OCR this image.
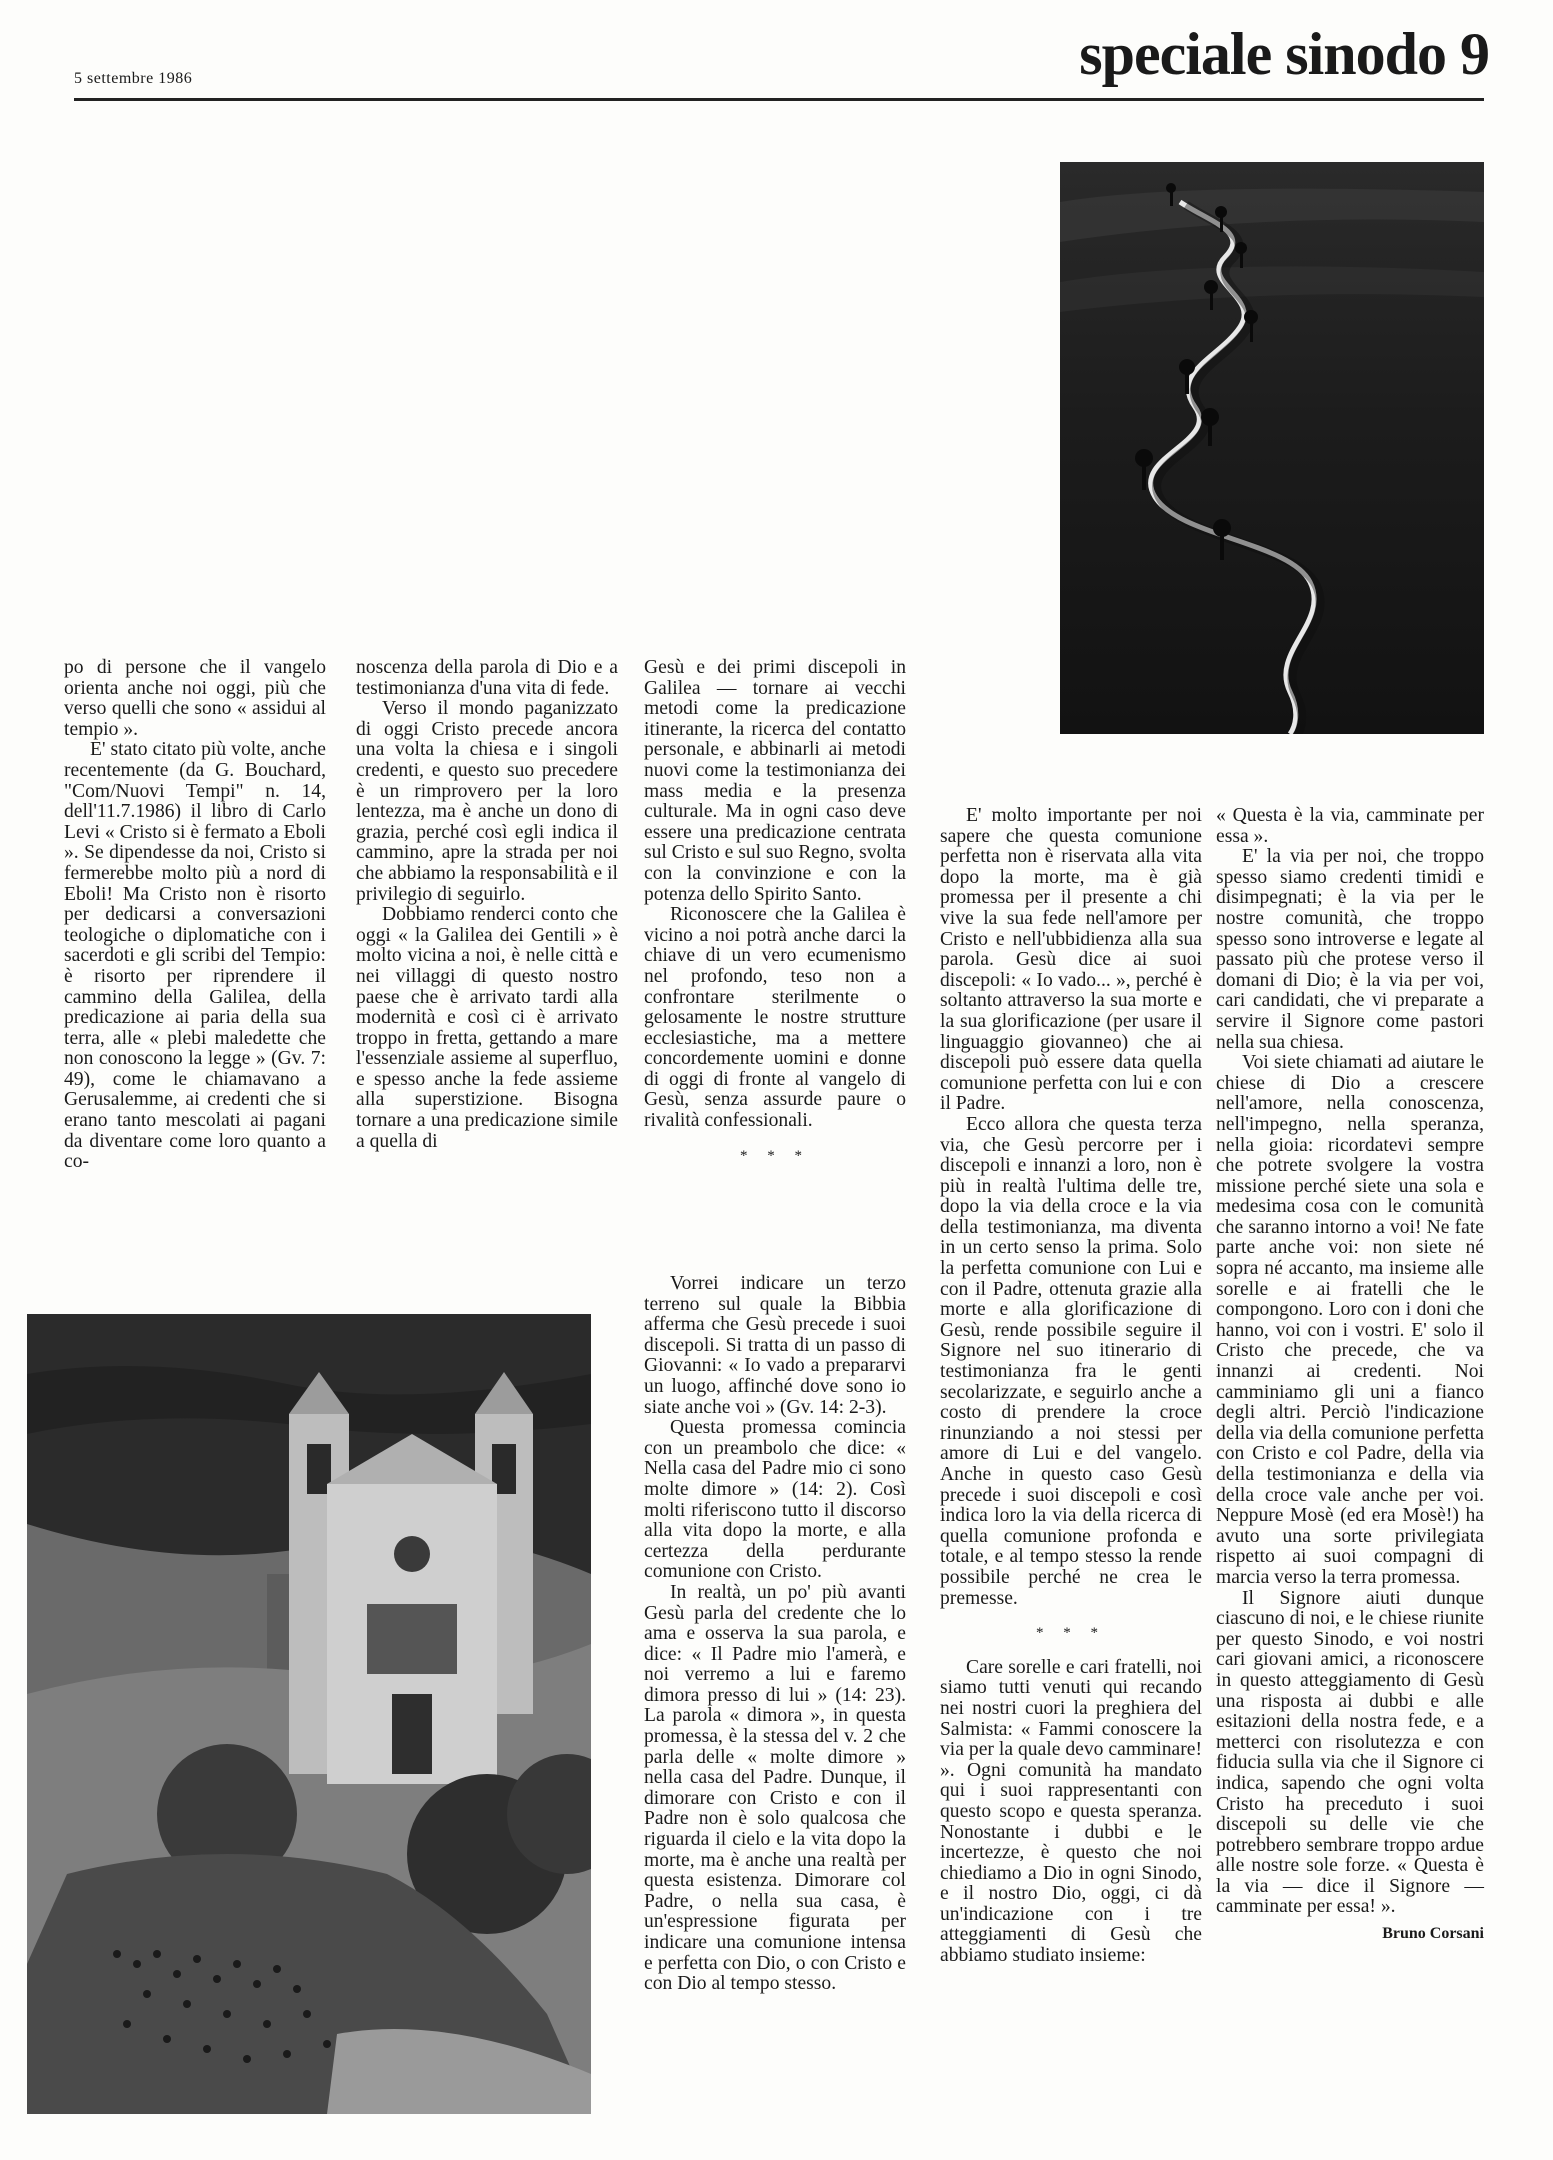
5 settembre 1986	speciale sinodo 9

po di persone che il vangelo orienta anche noi oggi, più che verso quelli che sono « assidui al tempio ».

E' stato citato più volte, anche recentemente (da G. Bouchard, "Com/Nuovi Tempi" n. 14, dell'11.7.1986) il libro di Carlo Levi « Cristo si è fermato a Eboli ». Se dipendesse da noi, Cristo si fermerebbe molto più a nord di Eboli! Ma Cristo non è risorto per dedicarsi a conversazioni teologiche o diplomatiche con i sacerdoti e gli scribi del Tempio: è risorto per riprendere il cammino della Galilea, della predicazione ai paria della sua terra, alle « plebi maledette che non conoscono la legge » (Gv. 7: 49), come le chiamavano a Gerusalemme, ai credenti che si erano tanto mescolati ai pagani da diventare come loro quanto a co-

noscenza della parola di Dio e a testimonianza d'una vita di fede.

Verso il mondo paganizzato di oggi Cristo precede ancora una volta la chiesa e i singoli credenti, e questo suo precedere è un rimprovero per la loro lentezza, ma è anche un dono di grazia, perché così egli indica il cammino, apre la strada per noi che abbiamo la responsabilità e il privilegio di seguirlo.

Dobbiamo renderci conto che oggi « la Galilea dei Gentili » è molto vicina a noi, è nelle città e nei villaggi di questo nostro paese che è arrivato tardi alla modernità e così ci è arrivato troppo in fretta, gettando a mare l'essenziale assieme al superfluo, e spesso anche la fede assieme alla superstizione. Bisogna tornare a una predicazione simile a quella di

Gesù e dei primi discepoli in Galilea — tornare ai vecchi metodi come la predicazione itinerante, la ricerca del contatto personale, e abbinarli ai metodi nuovi come la testimonianza dei mass media e la presenza culturale. Ma in ogni caso deve essere una predicazione centrata sul Cristo e sul suo Regno, svolta con la convinzione e con la potenza dello Spirito Santo.

Riconoscere che la Galilea è vicino a noi potrà anche darci la chiave di un vero ecumenismo nel profondo, teso non a confrontare sterilmente o gelosamente le nostre strutture ecclesiastiche, ma a mettere concordemente uomini e donne di oggi di fronte al vangelo di Gesù, senza assurde paure o rivalità confessionali.

* * *

Vorrei indicare un terzo terreno sul quale la Bibbia afferma che Gesù precede i suoi discepoli. Si tratta di un passo di Giovanni: « Io vado a prepararvi un luogo, affinché dove sono io siate anche voi » (Gv. 14: 2-3).

Questa promessa comincia con un preambolo che dice: « Nella casa del Padre mio ci sono molte dimore » (14: 2). Così molti riferiscono tutto il discorso alla vita dopo la morte, e alla certezza della perdurante comunione con Cristo.

In realtà, un po' più avanti Gesù parla del credente che lo ama e osserva la sua parola, e dice: « Il Padre mio l'amerà, e noi verremo a lui e faremo dimora presso di lui » (14: 23). La parola « dimora », in questa promessa, è la stessa del v. 2 che parla delle « molte dimore » nella casa del Padre. Dunque, il dimorare con Cristo e con il Padre non è solo qualcosa che riguarda il cielo e la vita dopo la morte, ma è anche una realtà per questa esistenza. Dimorare col Padre, o nella sua casa, è un'espressione figurata per indicare una comunione intensa e perfetta con Dio, o con Cristo e con Dio al tempo stesso.

E' molto importante per noi sapere che questa comunione perfetta non è riservata alla vita dopo la morte, ma è già promessa per il presente a chi vive la sua fede nell'amore per Cristo e nell'ubbidienza alla sua parola. Gesù dice ai suoi discepoli: « Io vado... », perché è soltanto attraverso la sua morte e la sua glorificazione (per usare il linguaggio giovanneo) che ai discepoli può essere data quella comunione perfetta con lui e con il Padre.

Ecco allora che questa terza via, che Gesù percorre per i discepoli e innanzi a loro, non è più in realtà l'ultima delle tre, dopo la via della croce e la via della testimonianza, ma diventa in un certo senso la prima. Solo la perfetta comunione con Lui e con il Padre, ottenuta grazie alla morte e alla glorificazione di Gesù, rende possibile seguire il Signore nel suo itinerario di testimonianza fra le genti secolarizzate, e seguirlo anche a costo di prendere la croce rinunziando a noi stessi per amore di Lui e del vangelo. Anche in questo caso Gesù precede i suoi discepoli e così indica loro la via della ricerca di quella comunione profonda e totale, e al tempo stesso la rende possibile perché ne crea le premesse.

* * *

Care sorelle e cari fratelli, noi siamo tutti venuti qui recando nei nostri cuori la preghiera del Salmista: « Fammi conoscere la via per la quale devo camminare! ». Ogni comunità ha mandato qui i suoi rappresentanti con questo scopo e questa speranza. Nonostante i dubbi e le incertezze, è questo che noi chiediamo a Dio in ogni Sinodo, e il nostro Dio, oggi, ci dà un'indicazione con i tre atteggiamenti di Gesù che abbiamo studiato insieme:

« Questa è la via, camminate per essa ».

E' la via per noi, che troppo spesso siamo credenti timidi e disimpegnati; è la via per le nostre comunità, che troppo spesso sono introverse e legate al passato più che protese verso il domani di Dio; è la via per voi, cari candidati, che vi preparate a servire il Signore come pastori nella sua chiesa.

Voi siete chiamati ad aiutare le chiese di Dio a crescere nell'amore, nella conoscenza, nell'impegno, nella speranza, nella gioia: ricordatevi sempre che potrete svolgere la vostra missione perché siete una sola e medesima cosa con le comunità che saranno intorno a voi! Ne fate parte anche voi: non siete né sopra né accanto, ma insieme alle sorelle e ai fratelli che le compongono. Loro con i doni che hanno, voi con i vostri. E' solo il Cristo che precede, che va innanzi ai credenti. Noi camminiamo gli uni a fianco degli altri. Perciò l'indicazione della via della comunione perfetta con Cristo e col Padre, della via della testimonianza e della via della croce vale anche per voi. Neppure Mosè (ed era Mosè!) ha avuto una sorte privilegiata rispetto ai suoi compagni di marcia verso la terra promessa.

Il Signore aiuti dunque ciascuno di noi, e le chiese riunite per questo Sinodo, e voi nostri cari giovani amici, a riconoscere in questo atteggiamento di Gesù una risposta ai dubbi e alle esitazioni della nostra fede, e a metterci con risolutezza e con fiducia sulla via che il Signore ci indica, sapendo che ogni volta Cristo ha preceduto i suoi discepoli su delle vie che potrebbero sembrare troppo ardue alle nostre sole forze. « Questa è la via — dice il Signore — camminate per essa! ».

Bruno Corsani
